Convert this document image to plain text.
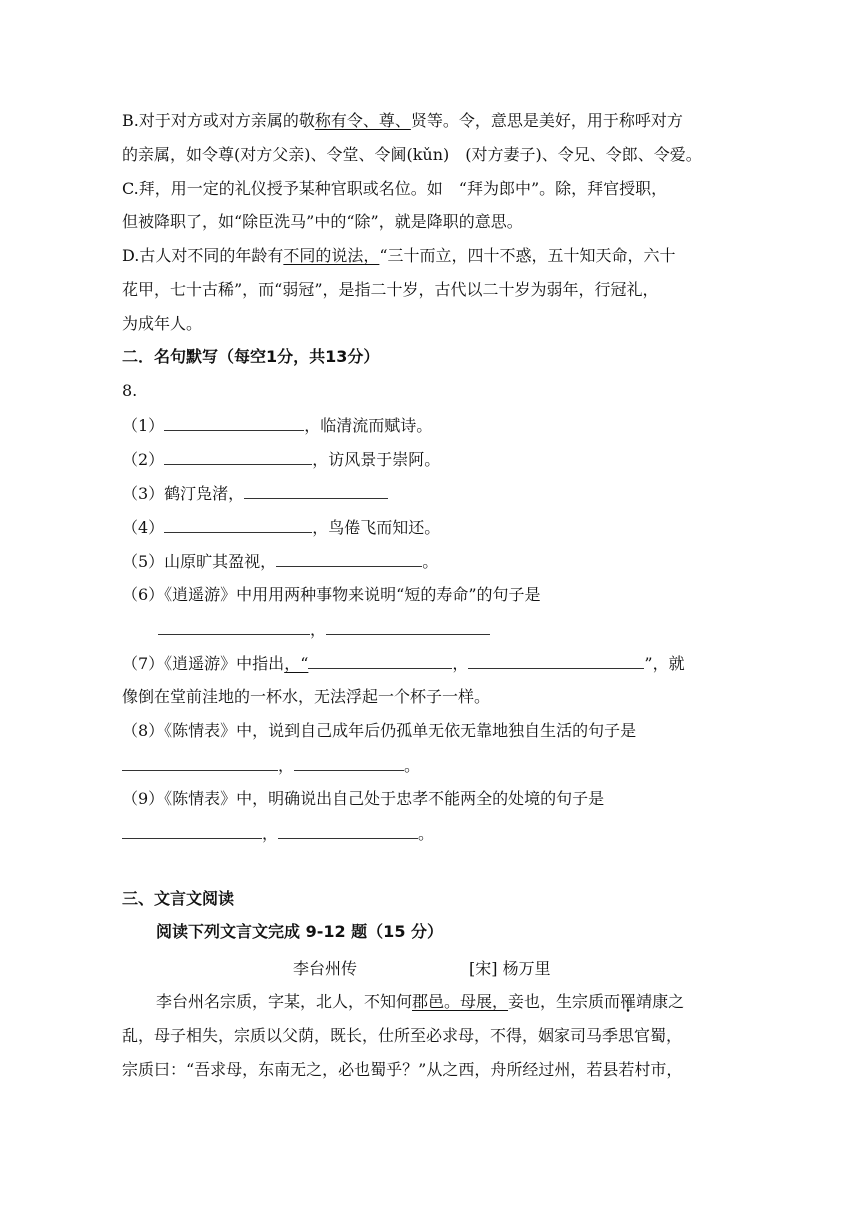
B.对于对方或对方亲属的敬称有令、尊、贤等。令，意思是美好，用于称呼对方
的亲属，如令尊(对方父亲)、令堂、令阃(kǔn)　(对方妻子)、令兄、令郎、令爱。
C.拜，用一定的礼仪授予某种官职或名位。如　“拜为郎中”。除，拜官授职，
但被降职了，如“除臣洗马”中的“除”，就是降职的意思。
D.古人对不同的年龄有不同的说法，“三十而立，四十不惑，五十知天命，六十
花甲，七十古稀”，而“弱冠”，是指二十岁，古代以二十岁为弱年，行冠礼，
为成年人。
二．名句默写（每空1分，共13分）
8.
（1）	，临清流而赋诗。
（2）	，访风景于崇阿。
（3）鹤汀凫渚，
（4）	，鸟倦飞而知还。
（5）山原旷其盈视，	。
（6）《逍遥游》中用用两种事物来说明“短的寿命”的句子是
，
（7）《逍遥游》中指出，“	，	”，就
像倒在堂前洼地的一杯水，无法浮起一个杯子一样。
（8）《陈情表》中，说到自己成年后仍孤单无依无靠地独自生活的句子是
，	。
（9）《陈情表》中，明确说出自己处于忠孝不能两全的处境的句子是
，	。
三、文言文阅读
阅读下列文言文完成 9-12 题（15 分）
李台州传	[宋] 杨万里
李台州名宗质，字某，北人，不知何郡邑。母展，妾也，生宗质而罹靖康之
乱，母子相失，宗质以父荫，既长，仕所至必求母，不得，姻家司马季思官蜀，
宗质曰：“吾求母，东南无之，必也蜀乎？”从之西，舟所经过州，若县若村市，
